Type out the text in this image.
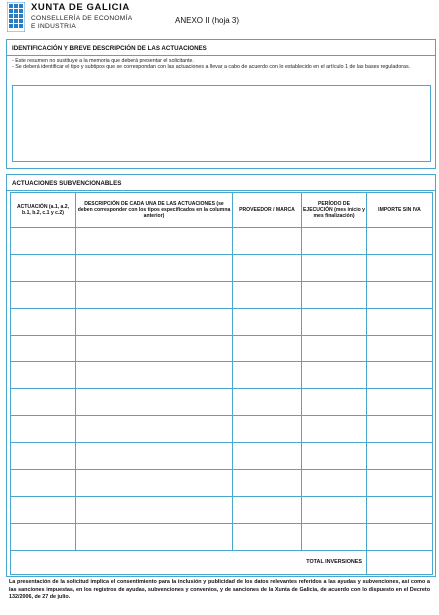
XUNTA DE GALICIA
CONSELLERÍA DE ECONOMÍA
E INDUSTRIA
ANEXO II (hoja 3)
IDENTIFICACIÓN Y BREVE DESCRIPCIÓN DE LAS ACTUACIONES
- Este resumen no sustituye a la memoria que deberá presentar el solicitante.
- Se deberá identificar el tipo y subtipos que se correspondan con las actuaciones a llevar a cabo de acuerdo con lo establecido en el artículo 1 de las bases reguladoras.
ACTUACIONES SUBVENCIONABLES
ACTUACIÓN (a.1, a.2, b.1, b.2, c.1 y c.2)	DESCRIPCIÓN DE CADA UNA DE LAS ACTUACIONES (se deben corresponder con los tipos especificados en la columna anterior)	PROVEEDOR / MARCA	PERÍODO DE EJECUCIÓN (mes inicio y mes finalización)	IMPORTE SIN IVA

TOTAL INVERSIONES				
La presentación de la solicitud implica el consentimiento para la inclusión y publicidad de los datos relevantes referidos a las ayudas y subvenciones, así como a las sanciones impuestas, en los registros de ayudas, subvenciones y convenios, y de sanciones de la Xunta de Galicia, de acuerdo con lo dispuesto en el Decreto 132/2006, de 27 de julio.
